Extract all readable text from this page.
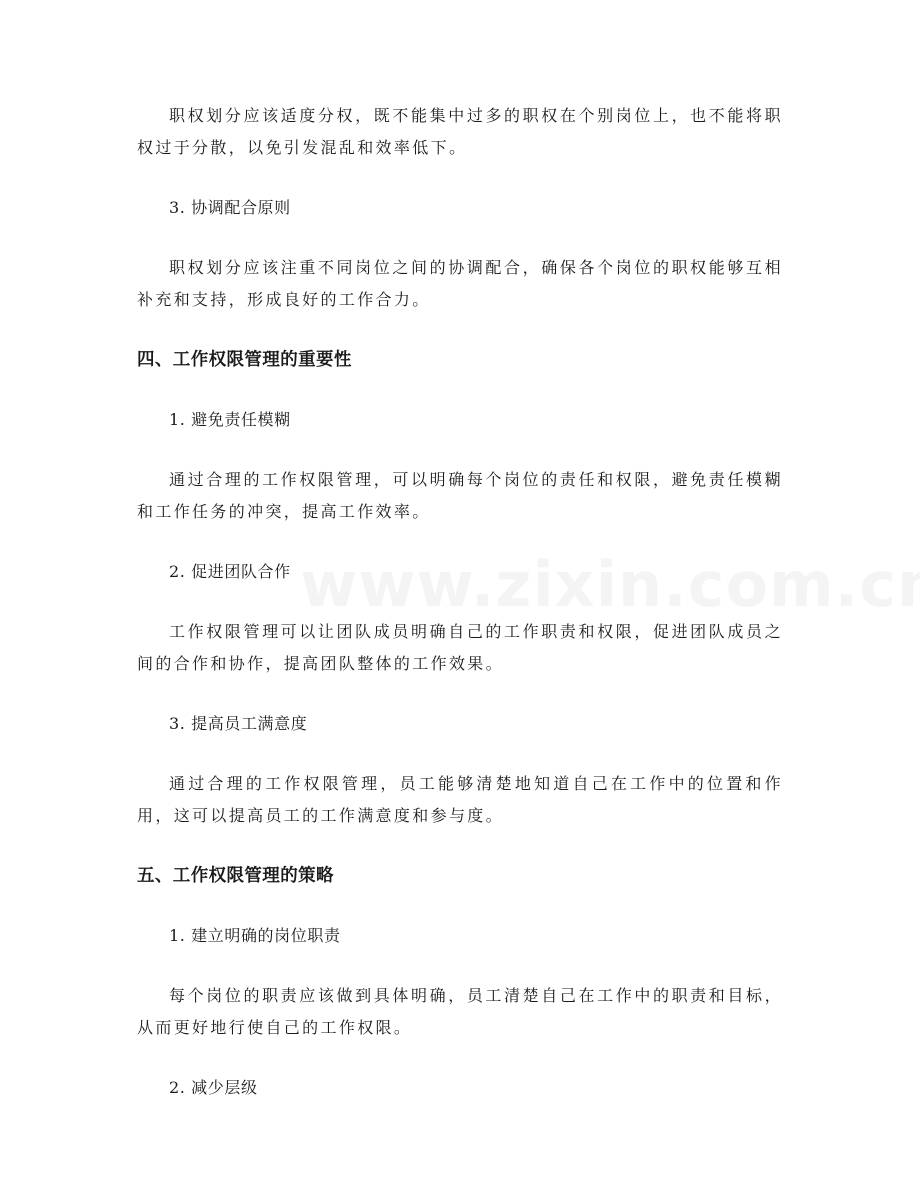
职权划分应该适度分权，既不能集中过多的职权在个别岗位上，也不能将职权过于分散，以免引发混乱和效率低下。

3. 协调配合原则

职权划分应该注重不同岗位之间的协调配合，确保各个岗位的职权能够互相补充和支持，形成良好的工作合力。

四、工作权限管理的重要性
1. 避免责任模糊

通过合理的工作权限管理，可以明确每个岗位的责任和权限，避免责任模糊和工作任务的冲突，提高工作效率。

2. 促进团队合作

工作权限管理可以让团队成员明确自己的工作职责和权限，促进团队成员之间的合作和协作，提高团队整体的工作效果。

3. 提高员工满意度

通过合理的工作权限管理，员工能够清楚地知道自己在工作中的位置和作用，这可以提高员工的工作满意度和参与度。

五、工作权限管理的策略
1. 建立明确的岗位职责

每个岗位的职责应该做到具体明确，员工清楚自己在工作中的职责和目标，从而更好地行使自己的工作权限。

2. 减少层级
